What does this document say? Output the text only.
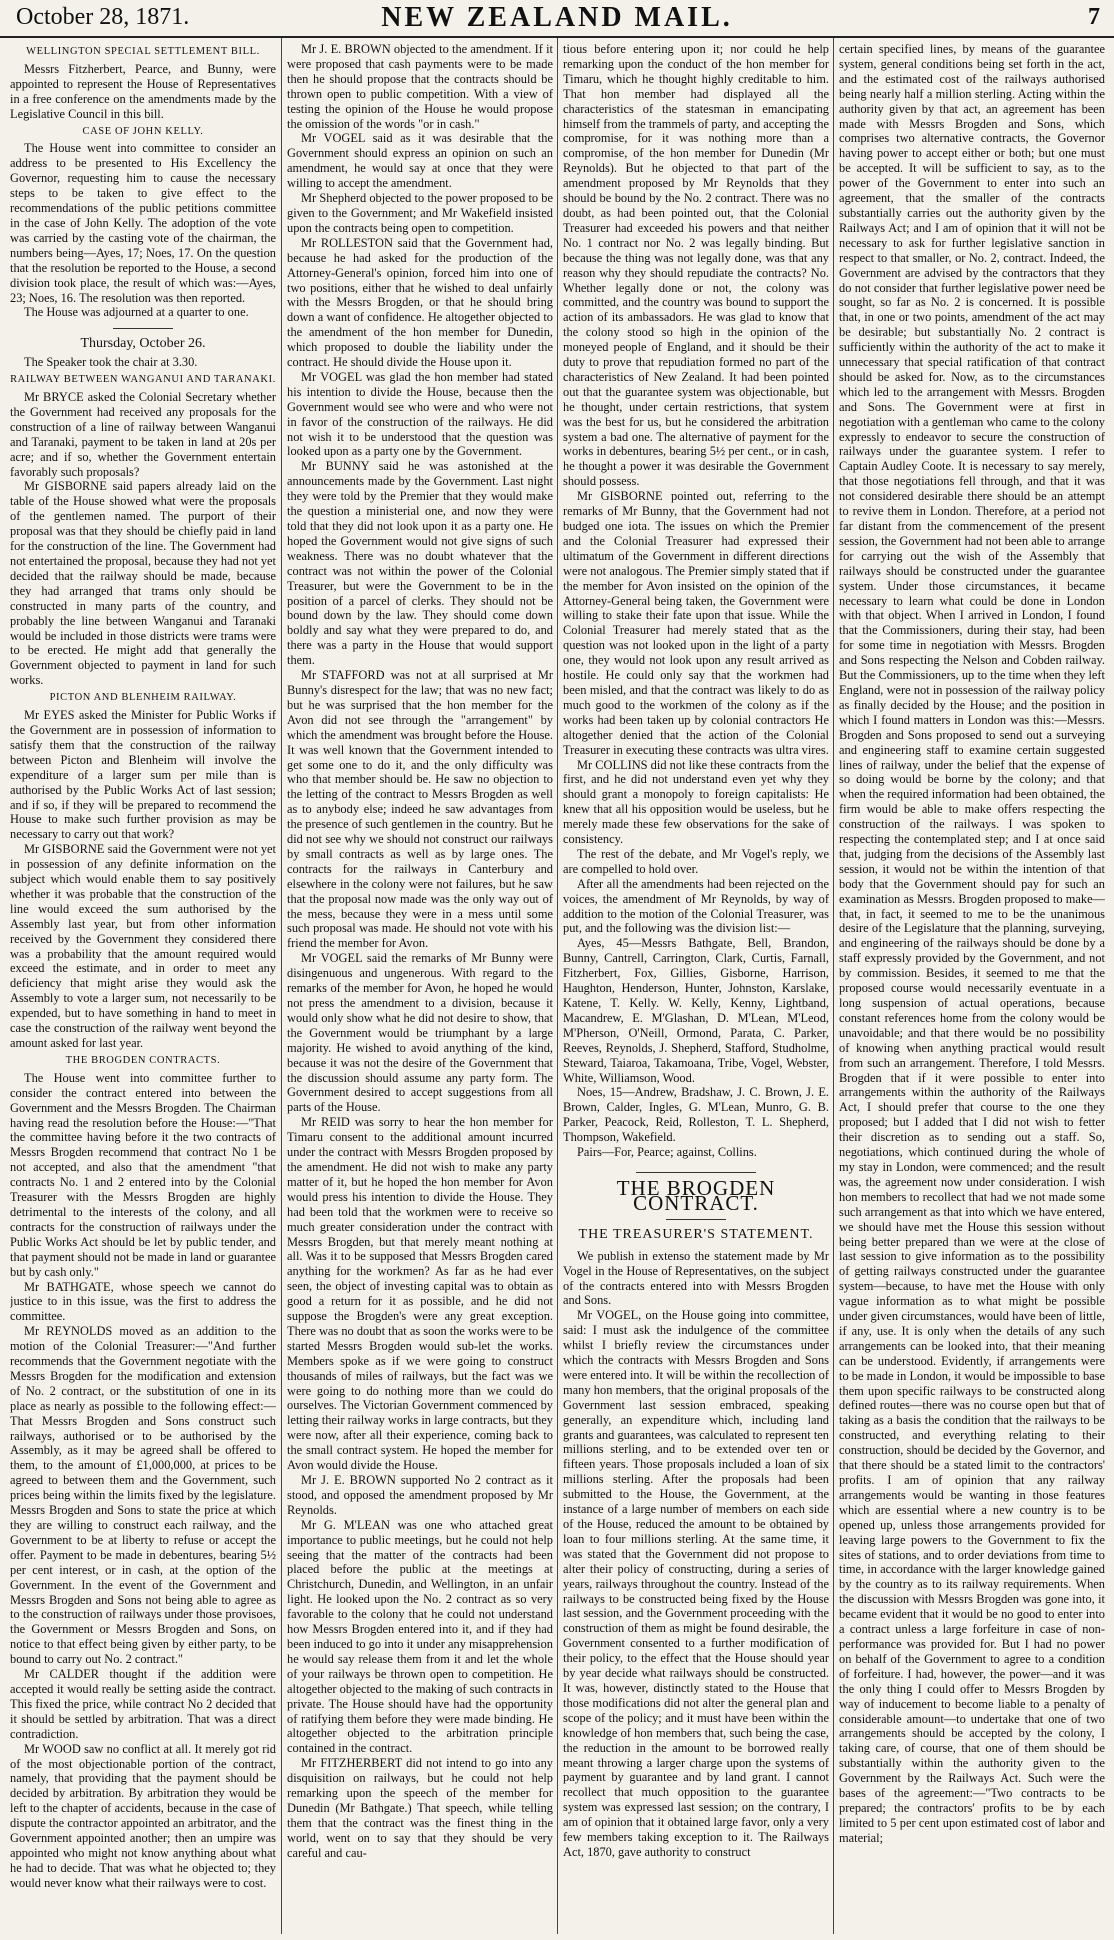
October 28, 1871.	NEW ZEALAND MAIL.	7
WELLINGTON SPECIAL SETTLEMENT BILL.

Messrs Fitzherbert, Pearce, and Bunny, were appointed to represent the House of Representatives in a free conference on the amendments made by the Legislative Council in this bill.

CASE OF JOHN KELLY.

The House went into committee to consider an address to be presented to His Excellency the Governor, requesting him to cause the necessary steps to be taken to give effect to the recommendations of the public petitions committee in the case of John Kelly. The adoption of the vote was carried by the casting vote of the chairman, the numbers being—Ayes, 17; Noes, 17. On the question that the resolution be reported to the House, a second division took place, the result of which was:—Ayes, 23; Noes, 16. The resolution was then reported.

The House was adjourned at a quarter to one.

Thursday, October 26.

The Speaker took the chair at 3.30.

RAILWAY BETWEEN WANGANUI AND TARANAKI.

Mr BRYCE asked the Colonial Secretary whether the Government had received any proposals for the construction of a line of railway between Wanganui and Taranaki, payment to be taken in land at 20s per acre; and if so, whether the Government entertain favorably such proposals?

Mr GISBORNE said papers already laid on the table of the House showed what were the proposals of the gentlemen named. The purport of their proposal was that they should be chiefly paid in land for the construction of the line. The Government had not entertained the proposal, because they had not yet decided that the railway should be made, because they had arranged that trams only should be constructed in many parts of the country, and probably the line between Wanganui and Taranaki would be included in those districts were trams were to be erected. He might add that generally the Government objected to payment in land for such works.

PICTON AND BLENHEIM RAILWAY.

Mr EYES asked the Minister for Public Works if the Government are in possession of information to satisfy them that the construction of the railway between Picton and Blenheim will involve the expenditure of a larger sum per mile than is authorised by the Public Works Act of last session; and if so, if they will be prepared to recommend the House to make such further provision as may be necessary to carry out that work?

Mr GISBORNE said the Government were not yet in possession of any definite information on the subject which would enable them to say positively whether it was probable that the construction of the line would exceed the sum authorised by the Assembly last year, but from other information received by the Government they considered there was a probability that the amount required would exceed the estimate, and in order to meet any deficiency that might arise they would ask the Assembly to vote a larger sum, not necessarily to be expended, but to have something in hand to meet in case the construction of the railway went beyond the amount asked for last year.

THE BROGDEN CONTRACTS.

The House went into committee further to consider the contract entered into between the Government and the Messrs Brogden. The Chairman having read the resolution before the House:—"That the committee having before it the two contracts of Messrs Brogden recommend that contract No 1 be not accepted, and also that the amendment "that contracts No. 1 and 2 entered into by the Colonial Treasurer with the Messrs Brogden are highly detrimental to the interests of the colony, and all contracts for the construction of railways under the Public Works Act should be let by public tender, and that payment should not be made in land or guarantee but by cash only."

Mr BATHGATE, whose speech we cannot do justice to in this issue, was the first to address the committee.

Mr REYNOLDS moved as an addition to the motion of the Colonial Treasurer:—"And further recommends that the Government negotiate with the Messrs Brogden for the modification and extension of No. 2 contract, or the substitution of one in its place as nearly as possible to the following effect:—That Messrs Brogden and Sons construct such railways, authorised or to be authorised by the Assembly, as it may be agreed shall be offered to them, to the amount of £1,000,000, at prices to be agreed to between them and the Government, such prices being within the limits fixed by the legislature. Messrs Brogden and Sons to state the price at which they are willing to construct each railway, and the Government to be at liberty to refuse or accept the offer. Payment to be made in debentures, bearing 5½ per cent interest, or in cash, at the option of the Government. In the event of the Government and Messrs Brogden and Sons not being able to agree as to the construction of railways under those provisoes, the Government or Messrs Brogden and Sons, on notice to that effect being given by either party, to be bound to carry out No. 2 contract."

Mr CALDER thought if the addition were accepted it would really be setting aside the contract. This fixed the price, while contract No 2 decided that it should be settled by arbitration. That was a direct contradiction.

Mr WOOD saw no conflict at all. It merely got rid of the most objectionable portion of the contract, namely, that providing that the payment should be decided by arbitration. By arbitration they would be left to the chapter of accidents, because in the case of dispute the contractor appointed an arbitrator, and the Government appointed another; then an umpire was appointed who might not know anything about what he had to decide. That was what he objected to; they would never know what their railways were to cost.

Mr J. E. BROWN objected to the amendment. If it were proposed that cash payments were to be made then he should propose that the contracts should be thrown open to public competition. With a view of testing the opinion of the House he would propose the omission of the words "or in cash."

Mr VOGEL said as it was desirable that the Government should express an opinion on such an amendment, he would say at once that they were willing to accept the amendment.

Mr Shepherd objected to the power proposed to be given to the Government; and Mr Wakefield insisted upon the contracts being open to competition.

Mr ROLLESTON said that the Government had, because he had asked for the production of the Attorney-General's opinion, forced him into one of two positions, either that he wished to deal unfairly with the Messrs Brogden, or that he should bring down a want of confidence. He altogether objected to the amendment of the hon member for Dunedin, which proposed to double the liability under the contract. He should divide the House upon it.

Mr VOGEL was glad the hon member had stated his intention to divide the House, because then the Government would see who were and who were not in favor of the construction of the railways. He did not wish it to be understood that the question was looked upon as a party one by the Government.

Mr BUNNY said he was astonished at the announcements made by the Government. Last night they were told by the Premier that they would make the question a ministerial one, and now they were told that they did not look upon it as a party one. He hoped the Government would not give signs of such weakness. There was no doubt whatever that the contract was not within the power of the Colonial Treasurer, but were the Government to be in the position of a parcel of clerks. They should not be bound down by the law. They should come down boldly and say what they were prepared to do, and there was a party in the House that would support them.

Mr STAFFORD was not at all surprised at Mr Bunny's disrespect for the law; that was no new fact; but he was surprised that the hon member for the Avon did not see through the "arrangement" by which the amendment was brought before the House. It was well known that the Government intended to get some one to do it, and the only difficulty was who that member should be. He saw no objection to the letting of the contract to Messrs Brogden as well as to anybody else; indeed he saw advantages from the presence of such gentlemen in the country. But he did not see why we should not construct our railways by small contracts as well as by large ones. The contracts for the railways in Canterbury and elsewhere in the colony were not failures, but he saw that the proposal now made was the only way out of the mess, because they were in a mess until some such proposal was made. He should not vote with his friend the member for Avon.

Mr VOGEL said the remarks of Mr Bunny were disingenuous and ungenerous. With regard to the remarks of the member for Avon, he hoped he would not press the amendment to a division, because it would only show what he did not desire to show, that the Government would be triumphant by a large majority. He wished to avoid anything of the kind, because it was not the desire of the Government that the discussion should assume any party form. The Government desired to accept suggestions from all parts of the House.

Mr REID was sorry to hear the hon member for Timaru consent to the additional amount incurred under the contract with Messrs Brogden proposed by the amendment. He did not wish to make any party matter of it, but he hoped the hon member for Avon would press his intention to divide the House. They had been told that the workmen were to receive so much greater consideration under the contract with Messrs Brogden, but that merely meant nothing at all. Was it to be supposed that Messrs Brogden cared anything for the workmen? As far as he had ever seen, the object of investing capital was to obtain as good a return for it as possible, and he did not suppose the Brogden's were any great exception. There was no doubt that as soon the works were to be started Messrs Brogden would sub-let the works. Members spoke as if we were going to construct thousands of miles of railways, but the fact was we were going to do nothing more than we could do ourselves. The Victorian Government commenced by letting their railway works in large contracts, but they were now, after all their experience, coming back to the small contract system. He hoped the member for Avon would divide the House.

Mr J. E. BROWN supported No 2 contract as it stood, and opposed the amendment proposed by Mr Reynolds.

Mr G. M'LEAN was one who attached great importance to public meetings, but he could not help seeing that the matter of the contracts had been placed before the public at the meetings at Christchurch, Dunedin, and Wellington, in an unfair light. He looked upon the No. 2 contract as so very favorable to the colony that he could not understand how Messrs Brogden entered into it, and if they had been induced to go into it under any misapprehension he would say release them from it and let the whole of your railways be thrown open to competition. He altogether objected to the making of such contracts in private. The House should have had the opportunity of ratifying them before they were made binding. He altogether objected to the arbitration principle contained in the contract.

Mr FITZHERBERT did not intend to go into any disquisition on railways, but he could not help remarking upon the speech of the member for Dunedin (Mr Bathgate.) That speech, while telling them that the contract was the finest thing in the world, went on to say that they should be very careful and cau-

tious before entering upon it; nor could he help remarking upon the conduct of the hon member for Timaru, which he thought highly creditable to him. That hon member had displayed all the characteristics of the statesman in emancipating himself from the trammels of party, and accepting the compromise, for it was nothing more than a compromise, of the hon member for Dunedin (Mr Reynolds). But he objected to that part of the amendment proposed by Mr Reynolds that they should be bound by the No. 2 contract. There was no doubt, as had been pointed out, that the Colonial Treasurer had exceeded his powers and that neither No. 1 contract nor No. 2 was legally binding. But because the thing was not legally done, was that any reason why they should repudiate the contracts? No. Whether legally done or not, the colony was committed, and the country was bound to support the action of its ambassadors. He was glad to know that the colony stood so high in the opinion of the moneyed people of England, and it should be their duty to prove that repudiation formed no part of the characteristics of New Zealand. It had been pointed out that the guarantee system was objectionable, but he thought, under certain restrictions, that system was the best for us, but he considered the arbitration system a bad one. The alternative of payment for the works in debentures, bearing 5½ per cent., or in cash, he thought a power it was desirable the Government should possess.

Mr GISBORNE pointed out, referring to the remarks of Mr Bunny, that the Government had not budged one iota. The issues on which the Premier and the Colonial Treasurer had expressed their ultimatum of the Government in different directions were not analogous. The Premier simply stated that if the member for Avon insisted on the opinion of the Attorney-General being taken, the Government were willing to stake their fate upon that issue. While the Colonial Treasurer had merely stated that as the question was not looked upon in the light of a party one, they would not look upon any result arrived as hostile. He could only say that the workmen had been misled, and that the contract was likely to do as much good to the workmen of the colony as if the works had been taken up by colonial contractors He altogether denied that the action of the Colonial Treasurer in executing these contracts was ultra vires.

Mr COLLINS did not like these contracts from the first, and he did not understand even yet why they should grant a monopoly to foreign capitalists: He knew that all his opposition would be useless, but he merely made these few observations for the sake of consistency.

The rest of the debate, and Mr Vogel's reply, we are compelled to hold over.

After all the amendments had been rejected on the voices, the amendment of Mr Reynolds, by way of addition to the motion of the Colonial Treasurer, was put, and the following was the division list:—

Ayes, 45—Messrs Bathgate, Bell, Brandon, Bunny, Cantrell, Carrington, Clark, Curtis, Farnall, Fitzherbert, Fox, Gillies, Gisborne, Harrison, Haughton, Henderson, Hunter, Johnston, Karslake, Katene, T. Kelly. W. Kelly, Kenny, Lightband, Macandrew, E. M'Glashan, D. M'Lean, M'Leod, M'Pherson, O'Neill, Ormond, Parata, C. Parker, Reeves, Reynolds, J. Shepherd, Stafford, Studholme, Steward, Taiaroa, Takamoana, Tribe, Vogel, Webster, White, Williamson, Wood.

Noes, 15—Andrew, Bradshaw, J. C. Brown, J. E. Brown, Calder, Ingles, G. M'Lean, Munro, G. B. Parker, Peacock, Reid, Rolleston, T. L. Shepherd, Thompson, Wakefield.

Pairs—For, Pearce; against, Collins.

THE BROGDEN CONTRACT.
THE TREASURER'S STATEMENT.

We publish in extenso the statement made by Mr Vogel in the House of Representatives, on the subject of the contracts entered into with Messrs Brogden and Sons.

Mr VOGEL, on the House going into committee, said: I must ask the indulgence of the committee whilst I briefly review the circumstances under which the contracts with Messrs Brogden and Sons were entered into. It will be within the recollection of many hon members, that the original proposals of the Government last session embraced, speaking generally, an expenditure which, including land grants and guarantees, was calculated to represent ten millions sterling, and to be extended over ten or fifteen years. Those proposals included a loan of six millions sterling. After the proposals had been submitted to the House, the Government, at the instance of a large number of members on each side of the House, reduced the amount to be obtained by loan to four millions sterling. At the same time, it was stated that the Government did not propose to alter their policy of constructing, during a series of years, railways throughout the country. Instead of the railways to be constructed being fixed by the House last session, and the Government proceeding with the construction of them as might be found desirable, the Government consented to a further modification of their policy, to the effect that the House should year by year decide what railways should be constructed. It was, however, distinctly stated to the House that those modifications did not alter the general plan and scope of the policy; and it must have been within the knowledge of hon members that, such being the case, the reduction in the amount to be borrowed really meant throwing a larger charge upon the systems of payment by guarantee and by land grant. I cannot recollect that much opposition to the guarantee system was expressed last session; on the contrary, I am of opinion that it obtained large favor, only a very few members taking exception to it. The Railways Act, 1870, gave authority to construct

certain specified lines, by means of the guarantee system, general conditions being set forth in the act, and the estimated cost of the railways authorised being nearly half a million sterling. Acting within the authority given by that act, an agreement has been made with Messrs Brogden and Sons, which comprises two alternative contracts, the Governor having power to accept either or both; but one must be accepted. It will be sufficient to say, as to the power of the Government to enter into such an agreement, that the smaller of the contracts substantially carries out the authority given by the Railways Act; and I am of opinion that it will not be necessary to ask for further legislative sanction in respect to that smaller, or No. 2, contract. Indeed, the Government are advised by the contractors that they do not consider that further legislative power need be sought, so far as No. 2 is concerned. It is possible that, in one or two points, amendment of the act may be desirable; but substantially No. 2 contract is sufficiently within the authority of the act to make it unnecessary that special ratification of that contract should be asked for. Now, as to the circumstances which led to the arrangement with Messrs. Brogden and Sons. The Government were at first in negotiation with a gentleman who came to the colony expressly to endeavor to secure the construction of railways under the guarantee system. I refer to Captain Audley Coote. It is necessary to say merely, that those negotiations fell through, and that it was not considered desirable there should be an attempt to revive them in London. Therefore, at a period not far distant from the commencement of the present session, the Government had not been able to arrange for carrying out the wish of the Assembly that railways should be constructed under the guarantee system. Under those circumstances, it became necessary to learn what could be done in London with that object. When I arrived in London, I found that the Commissioners, during their stay, had been for some time in negotiation with Messrs. Brogden and Sons respecting the Nelson and Cobden railway. But the Commissioners, up to the time when they left England, were not in possession of the railway policy as finally decided by the House; and the position in which I found matters in London was this:—Messrs. Brogden and Sons proposed to send out a surveying and engineering staff to examine certain suggested lines of railway, under the belief that the expense of so doing would be borne by the colony; and that when the required information had been obtained, the firm would be able to make offers respecting the construction of the railways. I was spoken to respecting the contemplated step; and I at once said that, judging from the decisions of the Assembly last session, it would not be within the intention of that body that the Government should pay for such an examination as Messrs. Brogden proposed to make—that, in fact, it seemed to me to be the unanimous desire of the Legislature that the planning, surveying, and engineering of the railways should be done by a staff expressly provided by the Government, and not by commission. Besides, it seemed to me that the proposed course would necessarily eventuate in a long suspension of actual operations, because constant references home from the colony would be unavoidable; and that there would be no possibility of knowing when anything practical would result from such an arrangement. Therefore, I told Messrs. Brogden that if it were possible to enter into arrangements within the authority of the Railways Act, I should prefer that course to the one they proposed; but I added that I did not wish to fetter their discretion as to sending out a staff. So, negotiations, which continued during the whole of my stay in London, were commenced; and the result was, the agreement now under consideration. I wish hon members to recollect that had we not made some such arrangement as that into which we have entered, we should have met the House this session without being better prepared than we were at the close of last session to give information as to the possibility of getting railways constructed under the guarantee system—because, to have met the House with only vague information as to what might be possible under given circumstances, would have been of little, if any, use. It is only when the details of any such arrangements can be looked into, that their meaning can be understood. Evidently, if arrangements were to be made in London, it would be impossible to base them upon specific railways to be constructed along defined routes—there was no course open but that of taking as a basis the condition that the railways to be constructed, and everything relating to their construction, should be decided by the Governor, and that there should be a stated limit to the contractors' profits. I am of opinion that any railway arrangements would be wanting in those features which are essential where a new country is to be opened up, unless those arrangements provided for leaving large powers to the Government to fix the sites of stations, and to order deviations from time to time, in accordance with the larger knowledge gained by the country as to its railway requirements. When the discussion with Messrs Brogden was gone into, it became evident that it would be no good to enter into a contract unless a large forfeiture in case of non-performance was provided for. But I had no power on behalf of the Government to agree to a condition of forfeiture. I had, however, the power—and it was the only thing I could offer to Messrs Brogden by way of inducement to become liable to a penalty of considerable amount—to undertake that one of two arrangements should be accepted by the colony, I taking care, of course, that one of them should be substantially within the authority given to the Government by the Railways Act. Such were the bases of the agreement:—"Two contracts to be prepared; the contractors' profits to be by each limited to 5 per cent upon estimated cost of labor and material;
